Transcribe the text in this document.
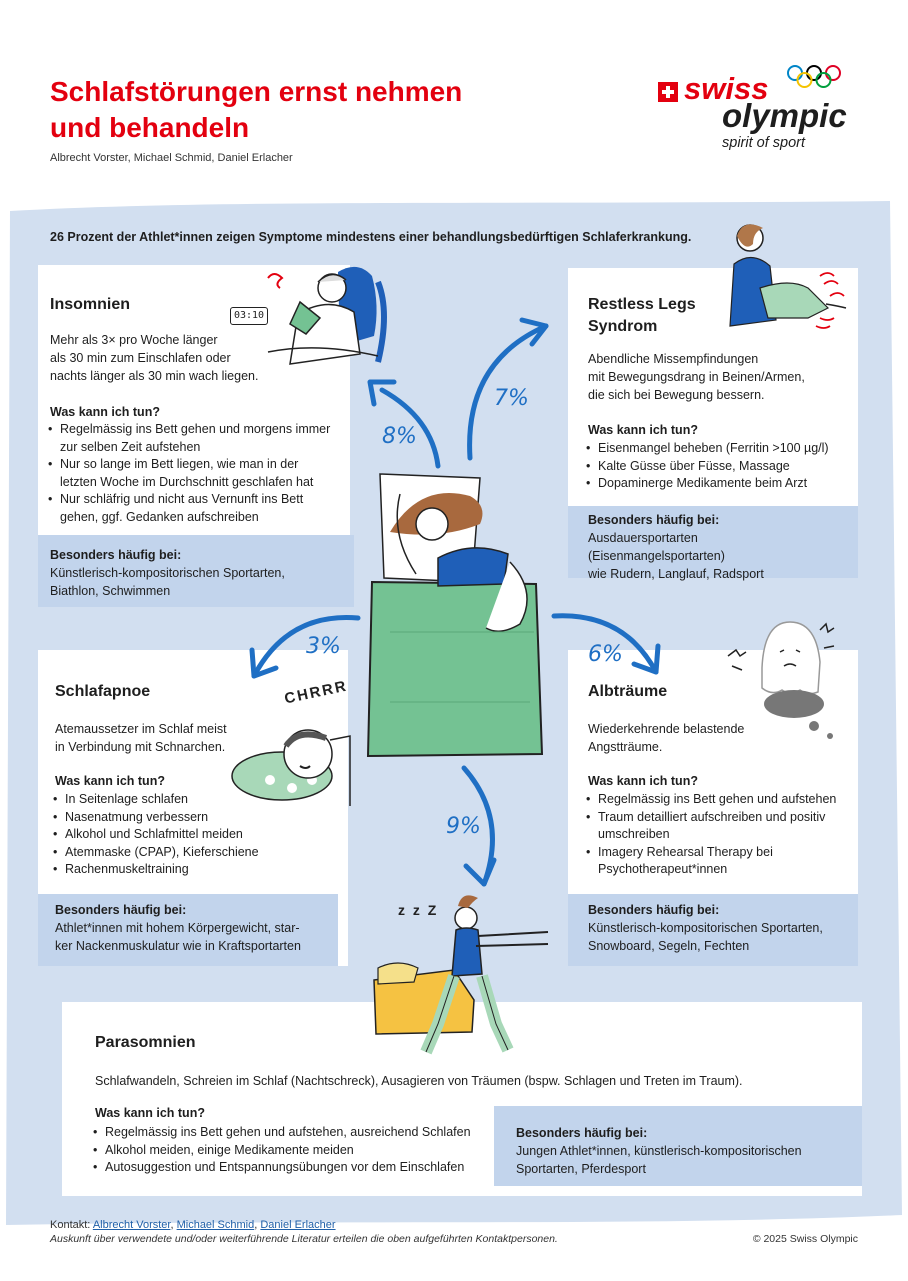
Schlafstörungen ernst nehmen
und behandeln
Albrecht Vorster, Michael Schmid, Daniel Erlacher
swiss
olympic
spirit of sport
26 Prozent der Athlet*innen zeigen Symptome mindestens einer behandlungsbedürftigen Schlaferkrankung.
Insomnien
Mehr als 3× pro Woche länger
als 30 min zum Einschlafen oder
nachts länger als 30 min wach liegen.
Was kann ich tun?
• Regelmässig ins Bett gehen und morgens immer zur selben Zeit aufstehen
• Nur so lange im Bett liegen, wie man in der letzten Woche im Durchschnitt geschlafen hat
• Nur schläfrig und nicht aus Vernunft ins Bett gehen, ggf. Gedanken aufschreiben
Besonders häufig bei:
Künstlerisch-kompositorischen Sportarten,
Biathlon, Schwimmen
03:10
Restless Legs Syndrom
Abendliche Missempfindungen
mit Bewegungsdrang in Beinen/Armen,
die sich bei Bewegung bessern.
Was kann ich tun?
• Eisenmangel beheben (Ferritin >100 µg/l)
• Kalte Güsse über Füsse, Massage
• Dopaminerge Medikamente beim Arzt
Besonders häufig bei:
Ausdauersportarten (Eisenmangelsportarten)
wie Rudern, Langlauf, Radsport
Schlafapnoe
Atemaussetzer im Schlaf meist
in Verbindung mit Schnarchen.
Was kann ich tun?
• In Seitenlage schlafen
• Nasenatmung verbessern
• Alkohol und Schlafmittel meiden
• Atemmaske (CPAP), Kieferschiene
• Rachenmuskeltraining
Besonders häufig bei:
Athlet*innen mit hohem Körpergewicht, star-
ker Nackenmuskulatur wie in Kraftsportarten
CHRRR	Albträume
Wiederkehrende belastende
Angstträume.
Was kann ich tun?
• Regelmässig ins Bett gehen und aufstehen
• Traum detailliert aufschreiben und positiv umschreiben
• Imagery Rehearsal Therapy bei Psychotherapeut*innen
Besonders häufig bei:
Künstlerisch-kompositorischen Sportarten,
Snowboard, Segeln, Fechten
Parasomnien
Schlafwandeln, Schreien im Schlaf (Nachtschreck), Ausagieren von Träumen (bspw. Schlagen und Treten im Traum).
Was kann ich tun?
• Regelmässig ins Bett gehen und aufstehen, ausreichend Schlafen
• Alkohol meiden, einige Medikamente meiden
• Autosuggestion und Entspannungsübungen vor dem Einschlafen
Besonders häufig bei:
Jungen Athlet*innen, künstlerisch-kompositorischen
Sportarten, Pferdesport
z z Z
8%
7%
3%	6%
9%
Kontakt: Albrecht Vorster, Michael Schmid, Daniel Erlacher
Auskunft über verwendete und/oder weiterführende Literatur erteilen die oben aufgeführten Kontaktpersonen.	© 2025 Swiss Olympic
